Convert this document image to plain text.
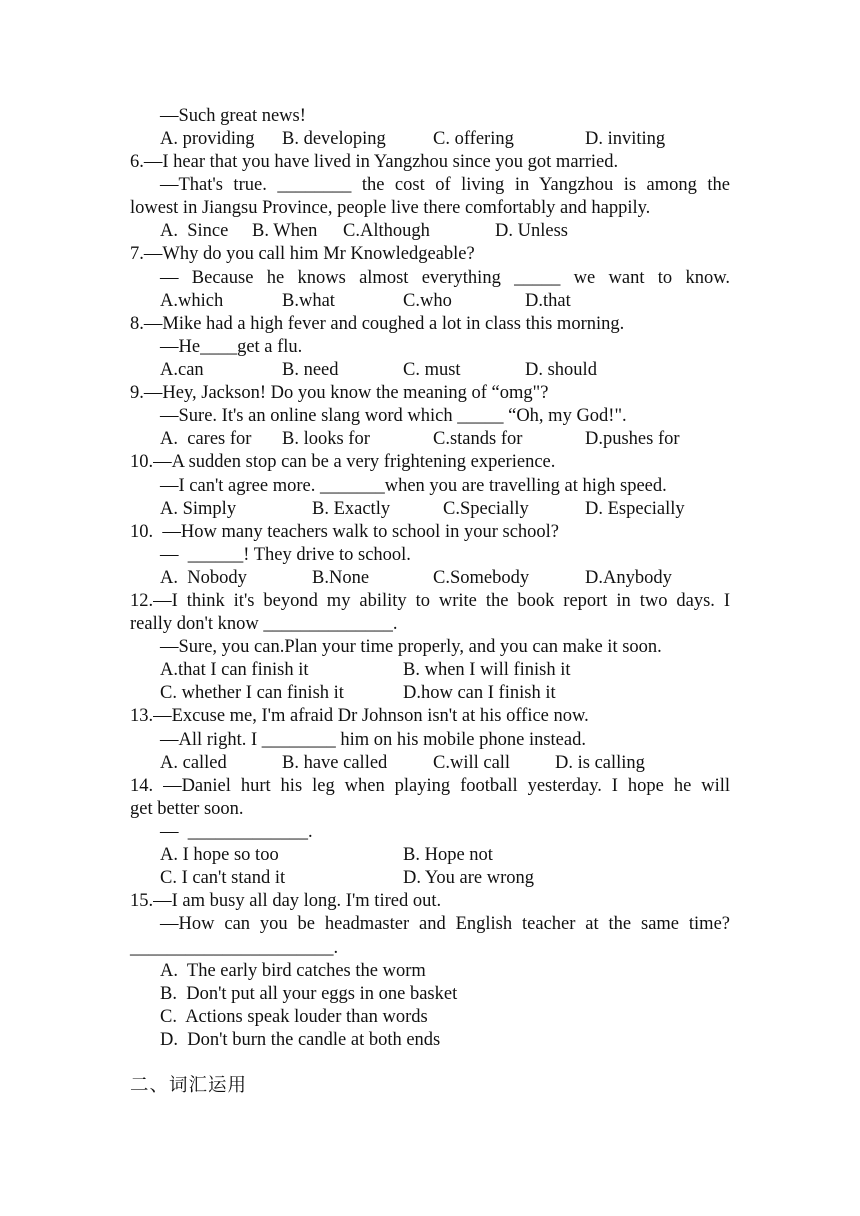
—Such great news!
A. providing B. developing	C. offering	D. inviting
6.—I hear that you have lived in Yangzhou since you got married.
—That's true. ________ the cost of living in Yangzhou is among the
lowest in Jiangsu Province, people live there comfortably and happily.
A.  Since B. When C.Although	D. Unless
7.—Why do you call him Mr Knowledgeable?
— Because he knows almost everything _____ we want to know.
A.which	B.what	C.who	D.that
8.—Mike had a high fever and coughed a lot in class this morning.
—He____get a flu.
A.can	B. need	C. must	D. should
9.—Hey, Jackson! Do you know the meaning of “omg"?
—Sure. It's an online slang word which _____ “Oh, my God!".
A.  cares for B. looks for	C.stands for	D.pushes for
10.—A sudden stop can be a very frightening experience.
—I can't agree more. _______when you are travelling at high speed.
A. Simply	B. Exactly	C.Specially	D. Especially
10.  —How many teachers walk to school in your school?
—  ______! They drive to school.
A.  Nobody	B.None	C.Somebody	D.Anybody
12.—I think it's beyond my ability to write the book report in two days. I
really don't know ______________.
—Sure, you can.Plan your time properly, and you can make it soon.
A.that I can finish it	B. when I will finish it
C. whether I can finish it	D.how can I finish it
13.—Excuse me, I'm afraid Dr Johnson isn't at his office now.
—All right. I ________ him on his mobile phone instead.
A. called	B. have called C.will call D. is calling
14. —Daniel hurt his leg when playing football yesterday. I hope he will
get better soon.
—  _____________.
A. I hope so too	B. Hope not
C. I can't stand it	D. You are wrong
15.—I am busy all day long. I'm tired out.
—How can you be headmaster and English teacher at the same time?
______________________.
A.  The early bird catches the worm
B.  Don't put all your eggs in one basket
C.  Actions speak louder than words
D.  Don't burn the candle at both ends
二、词汇运用
